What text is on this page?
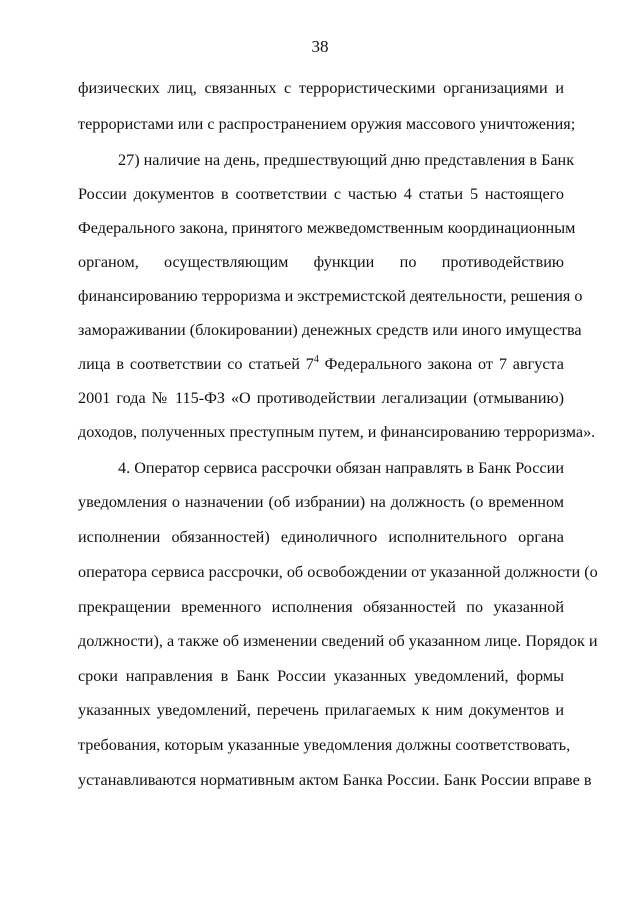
38
физических лиц, связанных с террористическими организациями и
террористами или с распространением оружия массового уничтожения;
27) наличие на день, предшествующий дню представления в Банк
России документов в соответствии с частью 4 статьи 5 настоящего
Федерального закона, принятого межведомственным координационным
органом, осуществляющим функции по противодействию
финансированию терроризма и экстремистской деятельности, решения о
замораживании (блокировании) денежных средств или иного имущества
лица в соответствии со статьей $7^4$ Федерального закона от 7 августа
2001 года № 115-ФЗ «О противодействии легализации (отмыванию)
доходов, полученных преступным путем, и финансированию терроризма».
4. Оператор сервиса рассрочки обязан направлять в Банк России
уведомления о назначении (об избрании) на должность (о временном
исполнении обязанностей) единоличного исполнительного органа
оператора сервиса рассрочки, об освобождении от указанной должности (о
прекращении временного исполнения обязанностей по указанной
должности), а также об изменении сведений об указанном лице. Порядок и
сроки направления в Банк России указанных уведомлений, формы
указанных уведомлений, перечень прилагаемых к ним документов и
требования, которым указанные уведомления должны соответствовать,
устанавливаются нормативным актом Банка России. Банк России вправе в
